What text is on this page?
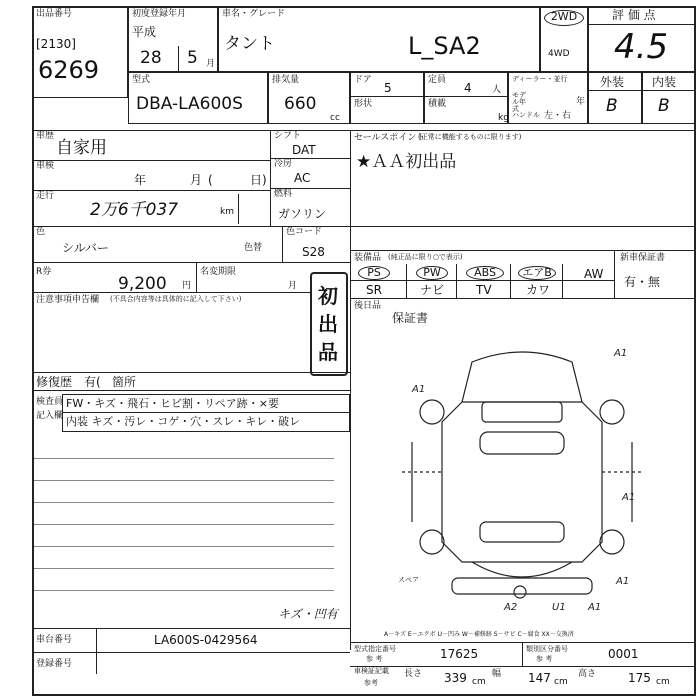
出品番号
[2130]
6269
初度登録年月
平成
28 5 月
車名・グレード
タント	L_SA2
2WD
4WD
評 価 点
4.5
型式
DBA-LA600S
排気量
660
cc
ドア
5
形状
定員
4 人
積載
kg
ディーラー・並行
モデル年式
年
ハンドル 左・右
外装
B
内装
B
車歴
自家用
車検
年	月 (	日)
走行
2万6千037	km
シフト
DAT
冷房
AC
燃料
ガソリン
セールスポイント
(正常に機能するものに限ります)
★ＡＡ初出品
色
シルバー	色替
色コード
S28	装備品 (純正品に限り○で表示)
PS	PW	ABS	エアB	AW
SR	ナビ	TV	カワ
新車保証書
有・無
R券
9,200 円
名変期限
月 初出品
注意事項申告欄 (不具合内容等は具体的に記入して下さい)
後日品
保証書
修復歴 有( 箇所
検査員
記入欄
FW・キズ・飛石・ヒビ割・リペア跡・×要
内装 キズ・汚レ・コゲ・穴・スレ・キレ・破レ
A1
A1
A1
A1
A2	U1 A1
スペア
キズ・凹有
A－キズ E－エクボ U－凹み W－補修跡 S－サビ C－腐食 XX－交換済
車台番号	LA600S-0429564
登録番号
型式指定番号
参 考	17625	類別区分番号
参 考	0001
車検証記載
参考
長さ 339 cm
幅 147 cm
高さ	175 cm
